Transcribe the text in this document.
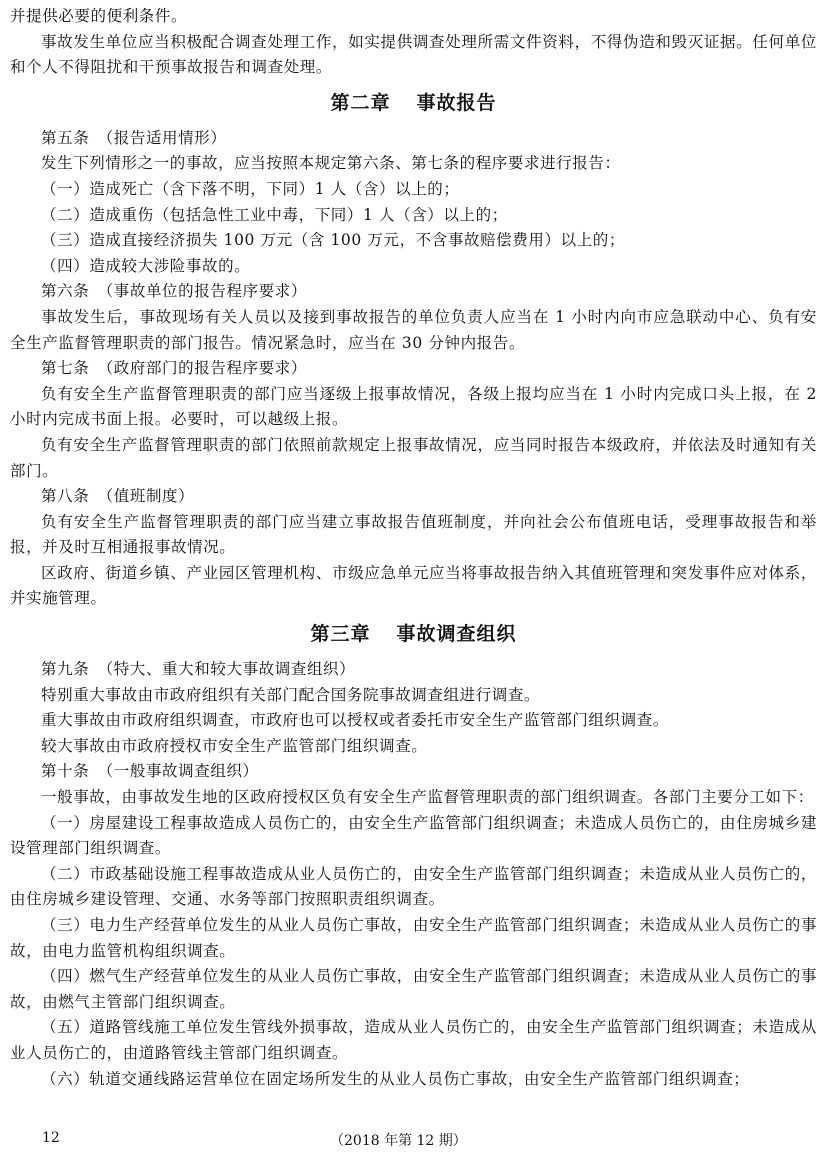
并提供必要的便利条件。

事故发生单位应当积极配合调查处理工作，如实提供调查处理所需文件资料，不得伪造和毁灭证据。任何单位和个人不得阻扰和干预事故报告和调查处理。

第二章 事故报告

第五条　（报告适用情形）

发生下列情形之一的事故，应当按照本规定第六条、第七条的程序要求进行报告：

（一）造成死亡（含下落不明，下同）1 人（含）以上的；

（二）造成重伤（包括急性工业中毒，下同）1 人（含）以上的；

（三）造成直接经济损失 100 万元（含 100 万元，不含事故赔偿费用）以上的；

（四）造成较大涉险事故的。

第六条　（事故单位的报告程序要求）

事故发生后，事故现场有关人员以及接到事故报告的单位负责人应当在 1 小时内向市应急联动中心、负有安全生产监督管理职责的部门报告。情况紧急时，应当在 30 分钟内报告。

第七条　（政府部门的报告程序要求）

负有安全生产监督管理职责的部门应当逐级上报事故情况，各级上报均应当在 1 小时内完成口头上报，在 2 小时内完成书面上报。必要时，可以越级上报。

负有安全生产监督管理职责的部门依照前款规定上报事故情况，应当同时报告本级政府，并依法及时通知有关部门。

第八条　（值班制度）

负有安全生产监督管理职责的部门应当建立事故报告值班制度，并向社会公布值班电话，受理事故报告和举报，并及时互相通报事故情况。

区政府、街道乡镇、产业园区管理机构、市级应急单元应当将事故报告纳入其值班管理和突发事件应对体系，并实施管理。

第三章 事故调查组织

第九条　（特大、重大和较大事故调查组织）

特别重大事故由市政府组织有关部门配合国务院事故调查组进行调查。

重大事故由市政府组织调查，市政府也可以授权或者委托市安全生产监管部门组织调查。

较大事故由市政府授权市安全生产监管部门组织调查。

第十条　（一般事故调查组织）

一般事故，由事故发生地的区政府授权区负有安全生产监督管理职责的部门组织调查。各部门主要分工如下：

（一）房屋建设工程事故造成人员伤亡的，由安全生产监管部门组织调查；未造成人员伤亡的，由住房城乡建设管理部门组织调查。

（二）市政基础设施工程事故造成从业人员伤亡的，由安全生产监管部门组织调查；未造成从业人员伤亡的，由住房城乡建设管理、交通、水务等部门按照职责组织调查。

（三）电力生产经营单位发生的从业人员伤亡事故，由安全生产监管部门组织调查；未造成从业人员伤亡的事故，由电力监管机构组织调查。

（四）燃气生产经营单位发生的从业人员伤亡事故，由安全生产监管部门组织调查；未造成从业人员伤亡的事故，由燃气主管部门组织调查。

（五）道路管线施工单位发生管线外损事故，造成从业人员伤亡的，由安全生产监管部门组织调查；未造成从业人员伤亡的，由道路管线主管部门组织调查。

（六）轨道交通线路运营单位在固定场所发生的从业人员伤亡事故，由安全生产监管部门组织调查；

12	（2018 年第 12 期）
